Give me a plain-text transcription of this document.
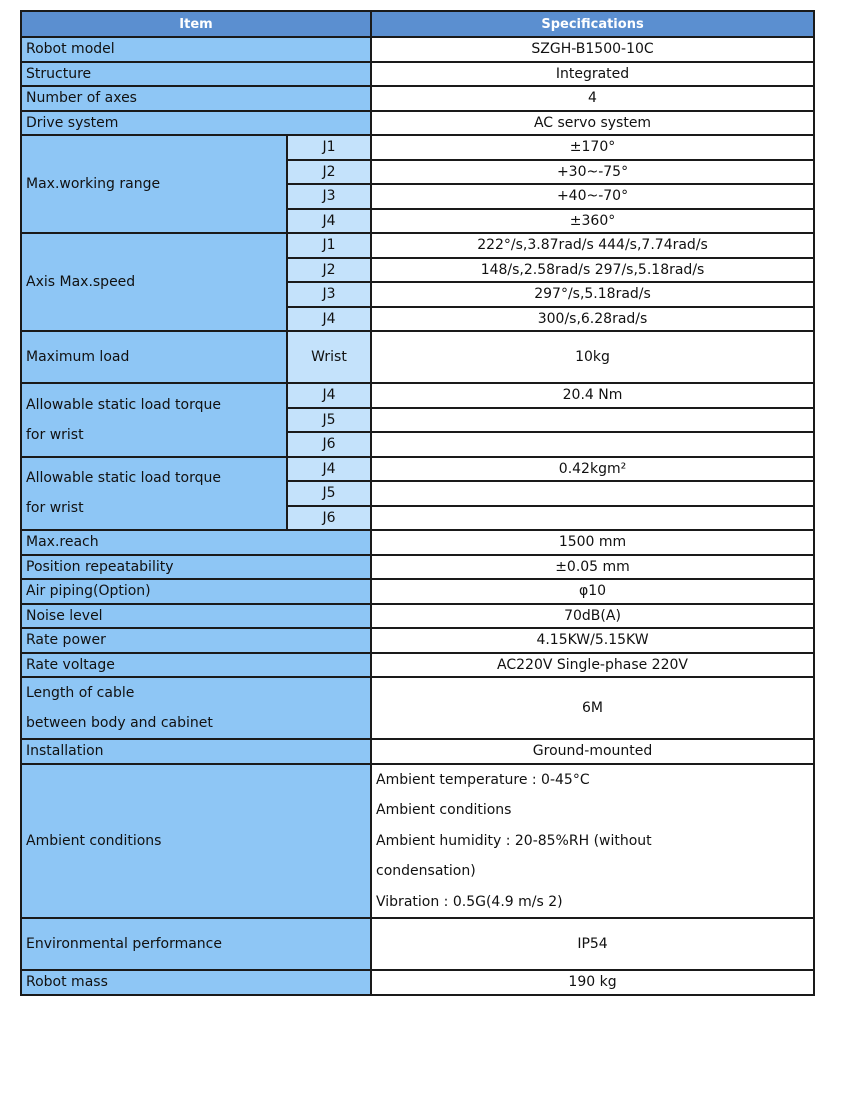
Item		Specifications
Robot model		SZGH-B1500-10C
Structure		Integrated
Number of axes		4
Drive system		AC servo system
Max.working range	J1	±170°
	J2	+30~-75°
	J3	+40~-70°
	J4	±360°
Axis Max.speed	J1	222°/s,3.87rad/s 444/s,7.74rad/s
	J2	148/s,2.58rad/s 297/s,5.18rad/s
	J3	297°/s,5.18rad/s
	J4	300/s,6.28rad/s
Maximum load	Wrist	10kg

Allowable static load torque
for wrist	J4	20.4 Nm
	J5	
	J6	

Allowable static load torque
for wrist	J4	0.42kgm²
	J5	
	J6	
Max.reach		1500 mm
Position repeatability		±0.05 mm
Air piping(Option)		φ10
Noise level		70dB(A)
Rate power		4.15KW/5.15KW
Rate voltage		AC220V Single-phase 220V

Length of cable
between body and cabinet		6M
Installation		Ground-mounted
Ambient conditions		Ambient temperature : 0-45°C
Ambient conditions
Ambient humidity : 20-85%RH (without
condensation)
Vibration : 0.5G(4.9 m/s 2)

Environmental performance		IP54
Robot mass		190 kg
